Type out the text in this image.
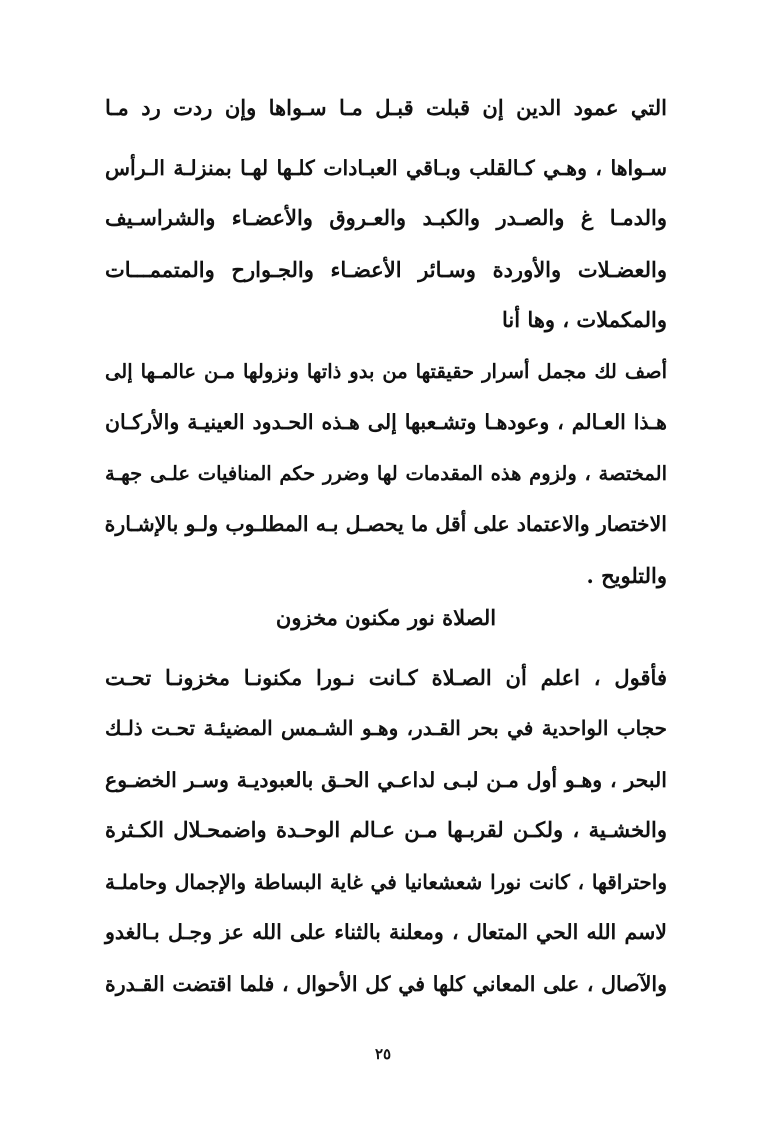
التي عمود الدين إن قبلت قبـل مـا سـواها وإن ردت رد مـا
سـواها ، وهـي كـالقلب وبـاقي العبـادات كلـها لهـا بمنزلـة الـرأس
والدمـا غ والصـدر والكبـد والعـروق والأعضـاء والشراسـيف
والعضـلات والأوردة وسـائر الأعضـاء والجـوارح والمتممـــات
والمكملات ، وها أنا
أصف لك مجمل أسرار حقيقتها من بدو ذاتها ونزولها مـن عالمـها إلى
هـذا العـالم ، وعودهـا وتشـعبها إلى هـذه الحـدود العينيـة والأركـان
المختصة ، ولزوم هذه المقدمات لها وضرر حكم المنافيات علـى جهـة
الاختصار والاعتماد على أقل ما يحصـل بـه المطلـوب ولـو بالإشـارة
والتلويح .
الصلاة نور مكنون مخزون
فأقول ، اعلم أن الصـلاة كـانت نـورا مكنونـا مخزونـا تحـت
حجاب الواحدية في بحر القـدر، وهـو الشـمس المضيئـة تحـت ذلـك
البحر ، وهـو أول مـن لبـى لداعـي الحـق بالعبوديـة وسـر الخضـوع
والخشـية ، ولكـن لقربـها مـن عـالم الوحـدة واضمحـلال الكـثرة
واحتراقها ، كانت نورا شعشعانيا في غاية البساطة والإجمال وحاملـة
لاسم الله الحي المتعال ، ومعلنة بالثناء على الله عز وجـل بـالغدو
والآصال ، على المعاني كلها في كل الأحوال ، فلما اقتضت القـدرة
٢٥
